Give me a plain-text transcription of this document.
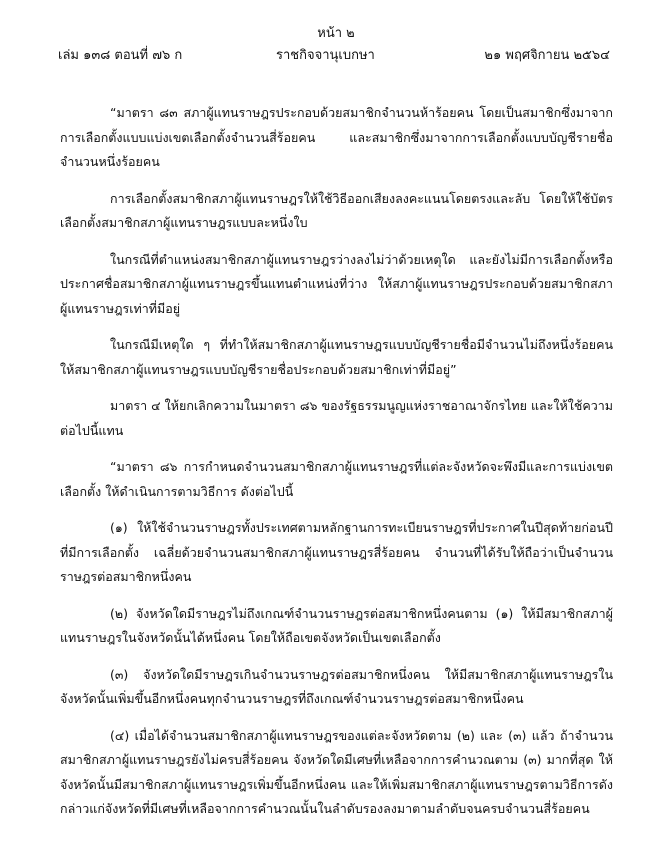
หน้า ๒
เล่ม ๑๓๘ ตอนที่ ๗๖ ก	ราชกิจจานุเบกษา	๒๑ พฤศจิกายน ๒๕๖๔

“มาตรา ๘๓ สภาผู้แทนราษฎรประกอบด้วยสมาชิกจำนวนห้าร้อยคน โดยเป็นสมาชิกซึ่งมาจากการเลือกตั้งแบบแบ่งเขตเลือกตั้งจำนวนสี่ร้อยคน และสมาชิกซึ่งมาจากการเลือกตั้งแบบบัญชีรายชื่อจำนวนหนึ่งร้อยคน

การเลือกตั้งสมาชิกสภาผู้แทนราษฎรให้ใช้วิธีออกเสียงลงคะแนนโดยตรงและลับ โดยให้ใช้บัตรเลือกตั้งสมาชิกสภาผู้แทนราษฎรแบบละหนึ่งใบ

ในกรณีที่ตำแหน่งสมาชิกสภาผู้แทนราษฎรว่างลงไม่ว่าด้วยเหตุใด และยังไม่มีการเลือกตั้งหรือประกาศชื่อสมาชิกสภาผู้แทนราษฎรขึ้นแทนตำแหน่งที่ว่าง ให้สภาผู้แทนราษฎรประกอบด้วยสมาชิกสภาผู้แทนราษฎรเท่าที่มีอยู่

ในกรณีมีเหตุใด ๆ ที่ทำให้สมาชิกสภาผู้แทนราษฎรแบบบัญชีรายชื่อมีจำนวนไม่ถึงหนึ่งร้อยคน ให้สมาชิกสภาผู้แทนราษฎรแบบบัญชีรายชื่อประกอบด้วยสมาชิกเท่าที่มีอยู่”

มาตรา ๔ ให้ยกเลิกความในมาตรา ๘๖ ของรัฐธรรมนูญแห่งราชอาณาจักรไทย และให้ใช้ความต่อไปนี้แทน

“มาตรา ๘๖ การกำหนดจำนวนสมาชิกสภาผู้แทนราษฎรที่แต่ละจังหวัดจะพึงมีและการแบ่งเขตเลือกตั้ง ให้ดำเนินการตามวิธีการ ดังต่อไปนี้

(๑) ให้ใช้จำนวนราษฎรทั้งประเทศตามหลักฐานการทะเบียนราษฎรที่ประกาศในปีสุดท้ายก่อนปีที่มีการเลือกตั้ง เฉลี่ยด้วยจำนวนสมาชิกสภาผู้แทนราษฎรสี่ร้อยคน จำนวนที่ได้รับให้ถือว่าเป็นจำนวนราษฎรต่อสมาชิกหนึ่งคน

(๒) จังหวัดใดมีราษฎรไม่ถึงเกณฑ์จำนวนราษฎรต่อสมาชิกหนึ่งคนตาม (๑) ให้มีสมาชิกสภาผู้แทนราษฎรในจังหวัดนั้นได้หนึ่งคน โดยให้ถือเขตจังหวัดเป็นเขตเลือกตั้ง

(๓) จังหวัดใดมีราษฎรเกินจำนวนราษฎรต่อสมาชิกหนึ่งคน ให้มีสมาชิกสภาผู้แทนราษฎรในจังหวัดนั้นเพิ่มขึ้นอีกหนึ่งคนทุกจำนวนราษฎรที่ถึงเกณฑ์จำนวนราษฎรต่อสมาชิกหนึ่งคน

(๔) เมื่อได้จำนวนสมาชิกสภาผู้แทนราษฎรของแต่ละจังหวัดตาม (๒) และ (๓) แล้ว ถ้าจำนวนสมาชิกสภาผู้แทนราษฎรยังไม่ครบสี่ร้อยคน จังหวัดใดมีเศษที่เหลือจากการคำนวณตาม (๓) มากที่สุด ให้จังหวัดนั้นมีสมาชิกสภาผู้แทนราษฎรเพิ่มขึ้นอีกหนึ่งคน และให้เพิ่มสมาชิกสภาผู้แทนราษฎรตามวิธีการดังกล่าวแก่จังหวัดที่มีเศษที่เหลือจากการคำนวณนั้นในลำดับรองลงมาตามลำดับจนครบจำนวนสี่ร้อยคน
